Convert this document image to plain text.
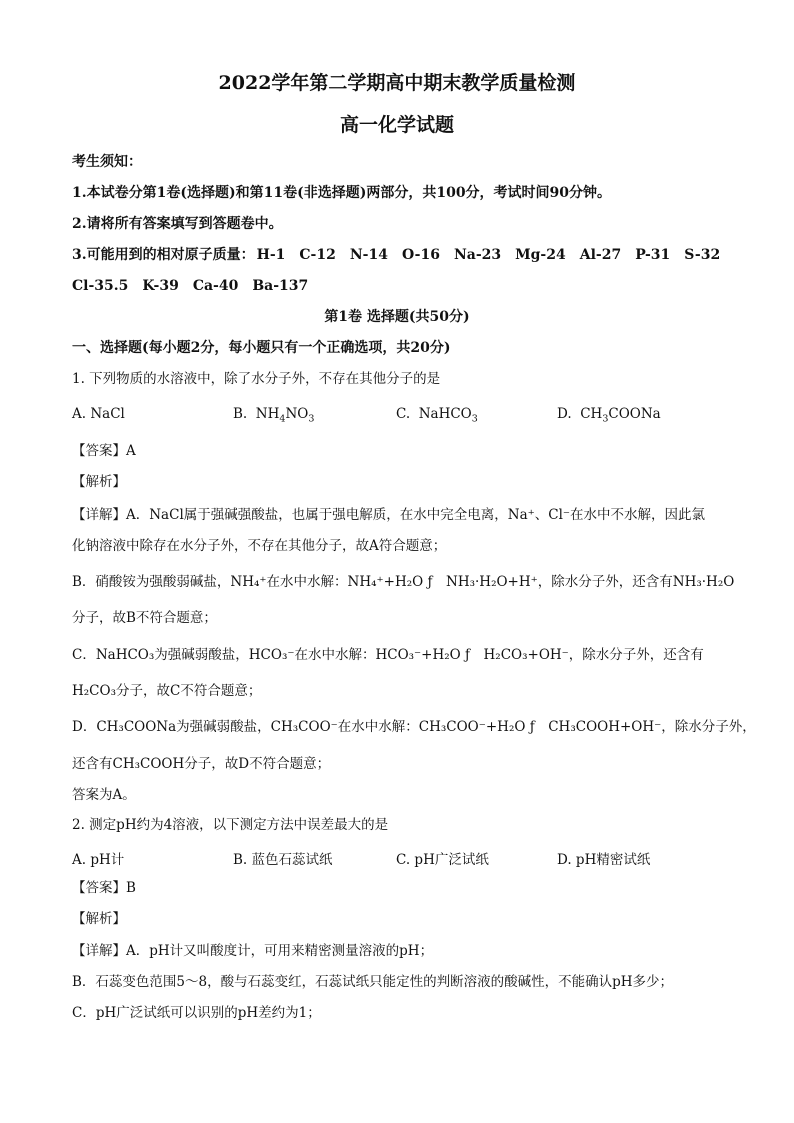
2022学年第二学期高中期末教学质量检测
高一化学试题
考生须知：
1.本试卷分第1卷(选择题)和第11卷(非选择题)两部分，共100分，考试时间90分钟。
2.请将所有答案填写到答题卷中。
3.可能用到的相对原子质量： H-1 C-12 N-14 O-16 Na-23 Mg-24 Al-27 P-31 S-32
Cl-35.5 K-39 Ca-40 Ba-137
第1卷 选择题(共50分)
一、选择题(每小题2分，每小题只有一个正确选项，共20分)
1. 下列物质的水溶液中，除了水分子外，不存在其他分子的是
A. NaCl	B.  $NH_4NO_3$	C.  NaHCO$_3$	D.  $CH_3COONa$
【答案】A
【解析】
【详解】A．NaCl属于强碱强酸盐，也属于强电解质，在水中完全电离，Na⁺、Cl⁻在水中不水解，因此氯
化钠溶液中除存在水分子外，不存在其他分子，故A符合题意；
B．硝酸铵为强酸弱碱盐，NH₄⁺在水中水解：NH₄⁺+H₂O ƒ　NH₃·H₂O+H⁺，除水分子外，还含有NH₃·H₂O
分子，故B不符合题意；
C．NaHCO₃为强碱弱酸盐，HCO₃⁻在水中水解：HCO₃⁻+H₂O ƒ　H₂CO₃+OH⁻，除水分子外，还含有
H₂CO₃分子，故C不符合题意；
D．CH₃COONa为强碱弱酸盐，CH₃COO⁻在水中水解：CH₃COO⁻+H₂O ƒ　CH₃COOH+OH⁻，除水分子外，
还含有CH₃COOH分子，故D不符合题意；
答案为A。
2. 测定pH约为4溶液，以下测定方法中误差最大的是
A. pH计	B. 蓝色石蕊试纸	C. pH广泛试纸	D. pH精密试纸
【答案】B
【解析】
【详解】A．pH计又叫酸度计，可用来精密测量溶液的pH；
B．石蕊变色范围5～8，酸与石蕊变红，石蕊试纸只能定性的判断溶液的酸碱性，不能确认pH多少；
C．pH广泛试纸可以识别的pH差约为1；
